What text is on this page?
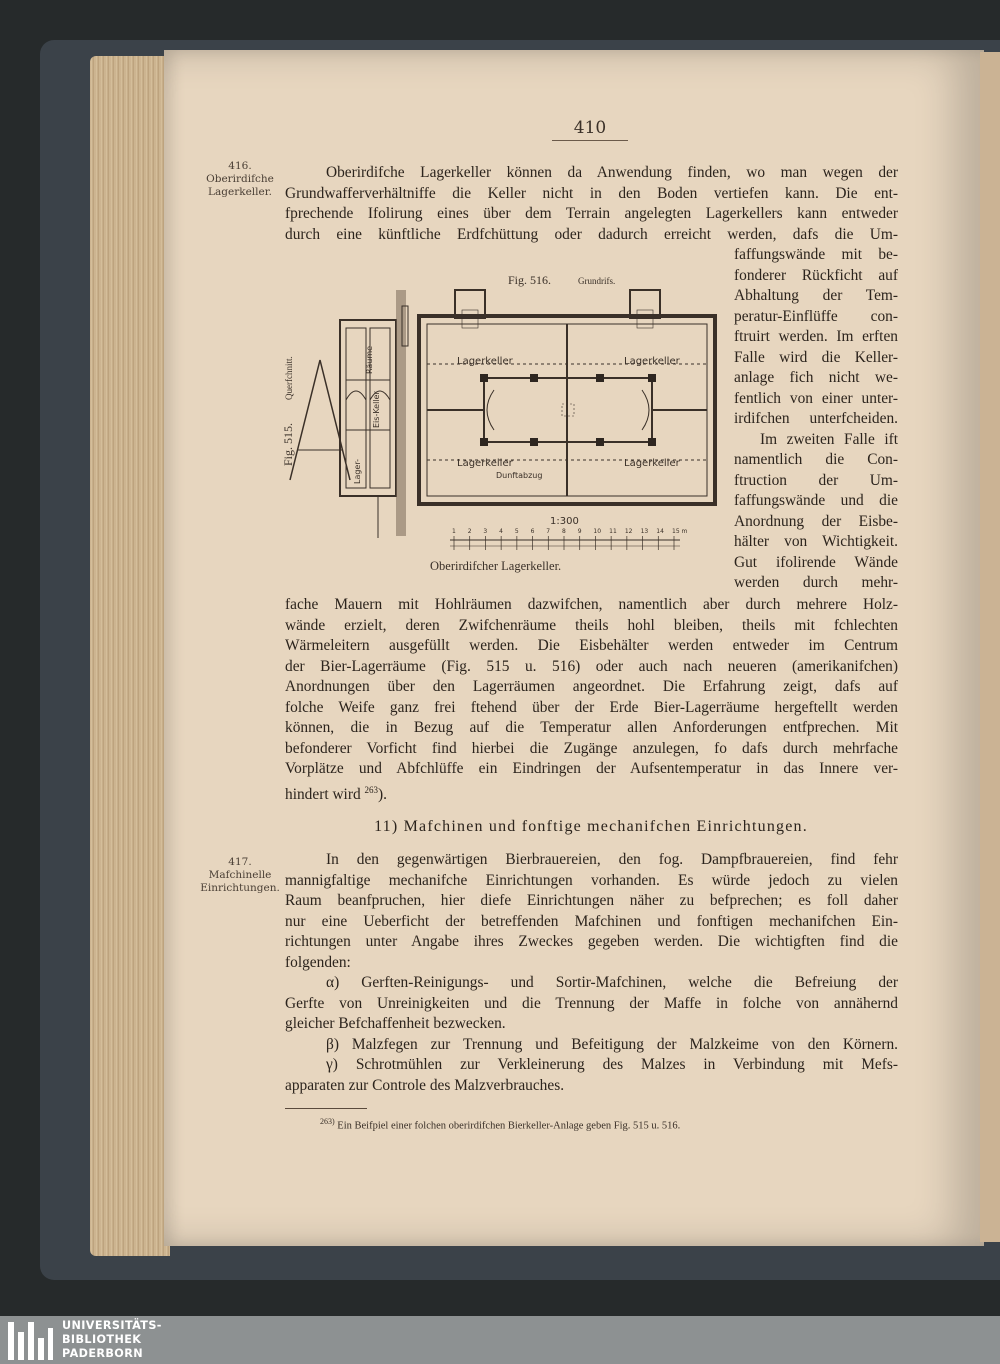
410
416.
Oberirdifche
Lagerkeller.
417.
Mafchinelle
Einrichtungen.
Oberirdifche Lagerkeller können da Anwendung finden, wo man wegen der
Grundwafferverhältniffe die Keller nicht in den Boden vertiefen kann. Die ent-
fprechende Ifolirung eines über dem Terrain angelegten Lagerkellers kann entweder
durch eine künftliche Erdfchüttung oder dadurch erreicht werden, dafs die Um-
faffungswände mit be-
fonderer Rückficht auf
Abhaltung der Tem-
peratur-Einflüffe con-
ftruirt werden. Im erften
Falle wird die Keller-
anlage fich nicht we-
fentlich von einer unter-
irdifchen unterfcheiden.
Im zweiten Falle ift
namentlich die Con-
ftruction der Um-
faffungswände und die
Anordnung der Eisbe-
hälter von Wichtigkeit.
Gut ifolirende Wände
werden durch mehr-
fache Mauern mit Hohlräumen dazwifchen, namentlich aber durch mehrere Holz-
wände erzielt, deren Zwifchenräume theils hohl bleiben, theils mit fchlechten
Wärmeleitern ausgefüllt werden. Die Eisbehälter werden entweder im Centrum
der Bier-Lagerräume (Fig. 515 u. 516) oder auch nach neueren (amerikanifchen)
Anordnungen über den Lagerräumen angeordnet. Die Erfahrung zeigt, dafs auf
folche Weife ganz frei ftehend über der Erde Bier-Lagerräume hergeftellt werden
können, die in Bezug auf die Temperatur allen Anforderungen entfprechen. Mit
befonderer Vorficht find hierbei die Zugänge anzulegen, fo dafs durch mehrfache
Vorplätze und Abfchlüffe ein Eindringen der Aufsentemperatur in das Innere ver-
hindert wird $^{263}$).
11) Mafchinen und fonftige mechanifchen Einrichtungen.
In den gegenwärtigen Bierbrauereien, den fog. Dampfbrauereien, find fehr
mannigfaltige mechanifche Einrichtungen vorhanden. Es würde jedoch zu vielen
Raum beanfpruchen, hier diefe Einrichtungen näher zu befprechen; es foll daher
nur eine Ueberficht der betreffenden Mafchinen und fonftigen mechanifchen Ein-
richtungen unter Angabe ihres Zweckes gegeben werden. Die wichtigften find die
folgenden:
α) Gerften-Reinigungs- und Sortir-Mafchinen, welche die Befreiung der
Gerfte von Unreinigkeiten und die Trennung der Maffe in folche von annähernd
gleicher Befchaffenheit bezwecken.
β) Malzfegen zur Trennung und Befeitigung der Malzkeime von den Körnern.
γ) Schrotmühlen zur Verkleinerung des Malzes in Verbindung mit Mefs-
apparaten zur Controle des Malzverbrauches.
$^{263)}$ Ein Beifpiel einer folchen oberirdifchen Bierkeller-Anlage geben Fig. 515 u. 516.
Fig. 516.	Grundrifs.
Lagerkeller	Lagerkeller
Lagerkeller	Lagerkeller
Dunftabzug
Räume
Eis-Keller
Lager-
Fig. 515.
Querfchnitt.
1:300
1 2 3 4 5 6 7 8 9 10 11 12 13 14 15 m
Oberirdifcher Lagerkeller.
UNIVERSITÄTS-
BIBLIOTHEK
PADERBORN
